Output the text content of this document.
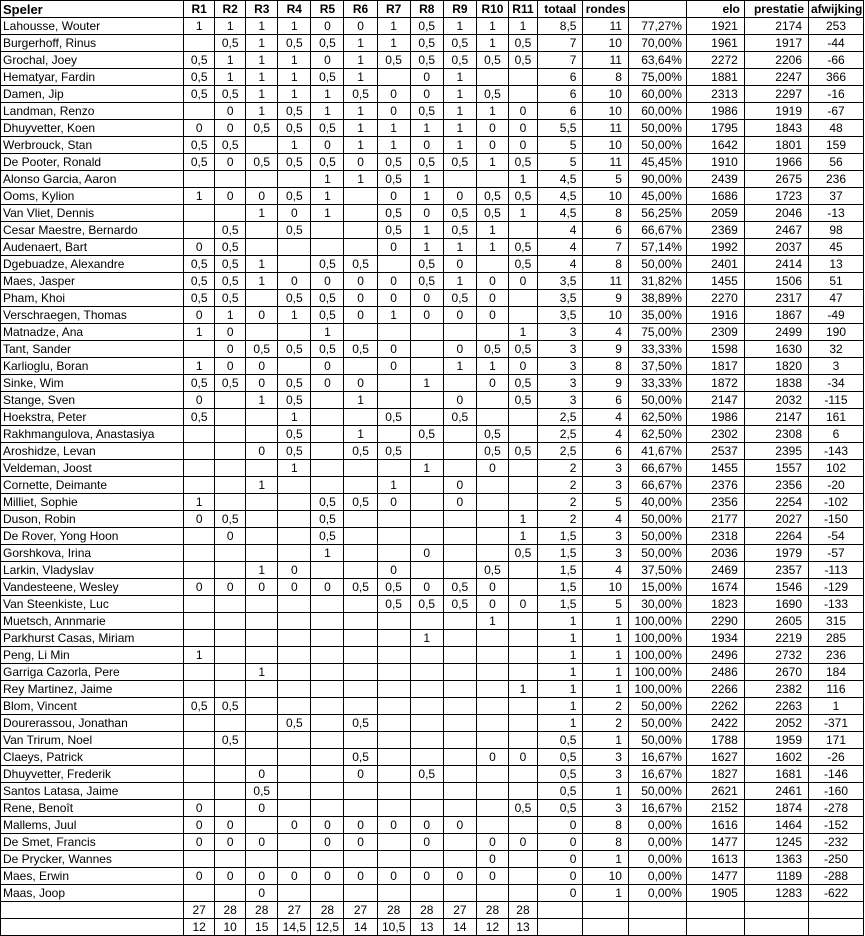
Speler	R1	R2	R3	R4	R5	R6	R7	R8	R9	R10	R11	totaal	rondes		elo	prestatie	afwijking
Lahousse, Wouter	1	1	1	1	0	0	1	0,5	1	1	1	8,5	11	77,27%	1921	2174	253
Burgerhoff, Rinus		0,5	1	0,5	0,5	1	1	0,5	0,5	1	0,5	7	10	70,00%	1961	1917	-44
Grochal, Joey	0,5	1	1	1	0	1	0,5	0,5	0,5	0,5	0,5	7	11	63,64%	2272	2206	-66
Hematyar, Fardin	0,5	1	1	1	0,5	1		0	1			6	8	75,00%	1881	2247	366
Damen, Jip	0,5	0,5	1	1	1	0,5	0	0	1	0,5		6	10	60,00%	2313	2297	-16
Landman, Renzo		0	1	0,5	1	1	0	0,5	1	1	0	6	10	60,00%	1986	1919	-67
Dhuyvetter, Koen	0	0	0,5	0,5	0,5	1	1	1	1	0	0	5,5	11	50,00%	1795	1843	48
Werbrouck, Stan	0,5	0,5		1	0	1	1	0	1	0	0	5	10	50,00%	1642	1801	159
De Pooter, Ronald	0,5	0	0,5	0,5	0,5	0	0,5	0,5	0,5	1	0,5	5	11	45,45%	1910	1966	56
Alonso Garcia, Aaron					1	1	0,5	1			1	4,5	5	90,00%	2439	2675	236
Ooms, Kylion	1	0	0	0,5	1		0	1	0	0,5	0,5	4,5	10	45,00%	1686	1723	37
Van Vliet, Dennis			1	0	1		0,5	0	0,5	0,5	1	4,5	8	56,25%	2059	2046	-13
Cesar Maestre, Bernardo		0,5		0,5			0,5	1	0,5	1		4	6	66,67%	2369	2467	98
Audenaert, Bart	0	0,5					0	1	1	1	0,5	4	7	57,14%	1992	2037	45
Dgebuadze, Alexandre	0,5	0,5	1		0,5	0,5		0,5	0		0,5	4	8	50,00%	2401	2414	13
Maes, Jasper	0,5	0,5	1	0	0	0	0	0,5	1	0	0	3,5	11	31,82%	1455	1506	51
Pham, Khoi	0,5	0,5		0,5	0,5	0	0	0	0,5	0		3,5	9	38,89%	2270	2317	47
Verschraegen, Thomas	0	1	0	1	0,5	0	1	0	0	0		3,5	10	35,00%	1916	1867	-49
Matnadze, Ana	1	0			1						1	3	4	75,00%	2309	2499	190
Tant, Sander		0	0,5	0,5	0,5	0,5	0		0	0,5	0,5	3	9	33,33%	1598	1630	32
Karlioglu, Boran	1	0	0		0		0		1	1	0	3	8	37,50%	1817	1820	3
Sinke, Wim	0,5	0,5	0	0,5	0	0		1		0	0,5	3	9	33,33%	1872	1838	-34
Stange, Sven	0		1	0,5		1			0		0,5	3	6	50,00%	2147	2032	-115
Hoekstra, Peter	0,5			1			0,5		0,5			2,5	4	62,50%	1986	2147	161
Rakhmangulova, Anastasiya				0,5		1		0,5		0,5		2,5	4	62,50%	2302	2308	6
Aroshidze, Levan			0	0,5		0,5	0,5			0,5	0,5	2,5	6	41,67%	2537	2395	-143
Veldeman, Joost				1				1		0		2	3	66,67%	1455	1557	102
Cornette, Deimante			1				1		0			2	3	66,67%	2376	2356	-20
Milliet, Sophie	1				0,5	0,5	0		0			2	5	40,00%	2356	2254	-102
Duson, Robin	0	0,5			0,5						1	2	4	50,00%	2177	2027	-150
De Rover, Yong Hoon		0			0,5						1	1,5	3	50,00%	2318	2264	-54
Gorshkova, Irina					1			0			0,5	1,5	3	50,00%	2036	1979	-57
Larkin, Vladyslav			1	0			0			0,5		1,5	4	37,50%	2469	2357	-113
Vandesteene, Wesley	0	0	0	0	0	0,5	0,5	0	0,5	0		1,5	10	15,00%	1674	1546	-129
Van Steenkiste, Luc							0,5	0,5	0,5	0	0	1,5	5	30,00%	1823	1690	-133
Muetsch, Annmarie										1		1	1	100,00%	2290	2605	315
Parkhurst Casas, Miriam								1				1	1	100,00%	1934	2219	285
Peng, Li Min	1											1	1	100,00%	2496	2732	236
Garriga Cazorla, Pere			1									1	1	100,00%	2486	2670	184
Rey Martinez, Jaime											1	1	1	100,00%	2266	2382	116
Blom, Vincent	0,5	0,5										1	2	50,00%	2262	2263	1
Dourerassou, Jonathan				0,5		0,5						1	2	50,00%	2422	2052	-371
Van Trirum, Noel		0,5										0,5	1	50,00%	1788	1959	171
Claeys, Patrick						0,5				0	0	0,5	3	16,67%	1627	1602	-26
Dhuyvetter, Frederik			0			0		0,5				0,5	3	16,67%	1827	1681	-146
Santos Latasa, Jaime			0,5									0,5	1	50,00%	2621	2461	-160
Rene, Benoît	0		0								0,5	0,5	3	16,67%	2152	1874	-278
Mallems, Juul	0	0		0	0	0	0	0	0			0	8	0,00%	1616	1464	-152
De Smet, Francis	0	0	0		0	0		0		0	0	0	8	0,00%	1477	1245	-232
De Prycker, Wannes										0		0	1	0,00%	1613	1363	-250
Maes, Erwin	0	0	0	0	0	0	0	0	0	0		0	10	0,00%	1477	1189	-288
Maas, Joop			0									0	1	0,00%	1905	1283	-622
	27	28	28	27	28	27	28	28	27	28	28						
	12	10	15	14,5	12,5	14	10,5	13	14	12	13						
